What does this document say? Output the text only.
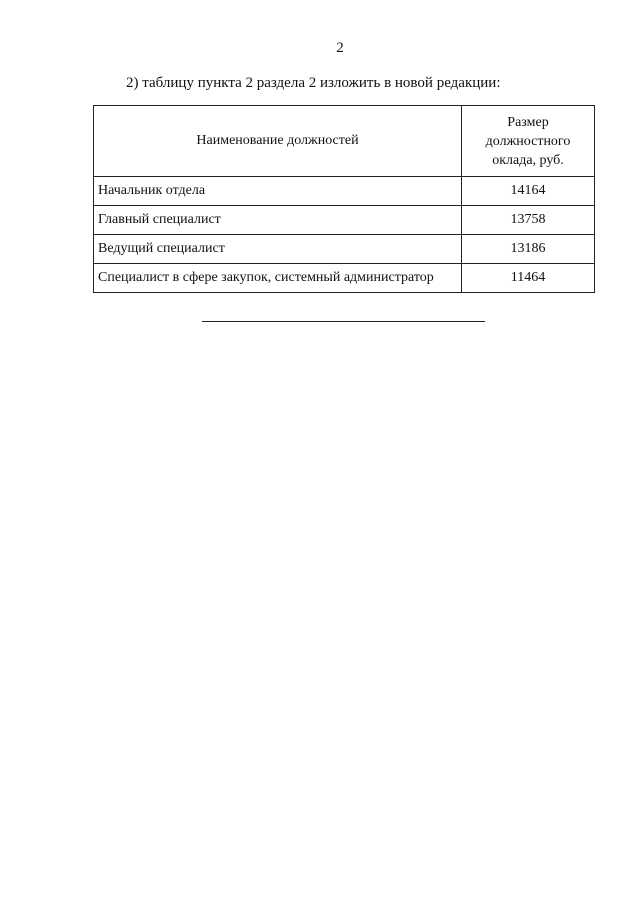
2
2) таблицу пункта 2 раздела 2 изложить в новой редакции:
Наименование должностей	Размер
должностного
оклада, руб.

Начальник отдела	14164
Главный специалист	13758
Ведущий специалист	13186
Специалист в сфере закупок, системный администратор	11464
